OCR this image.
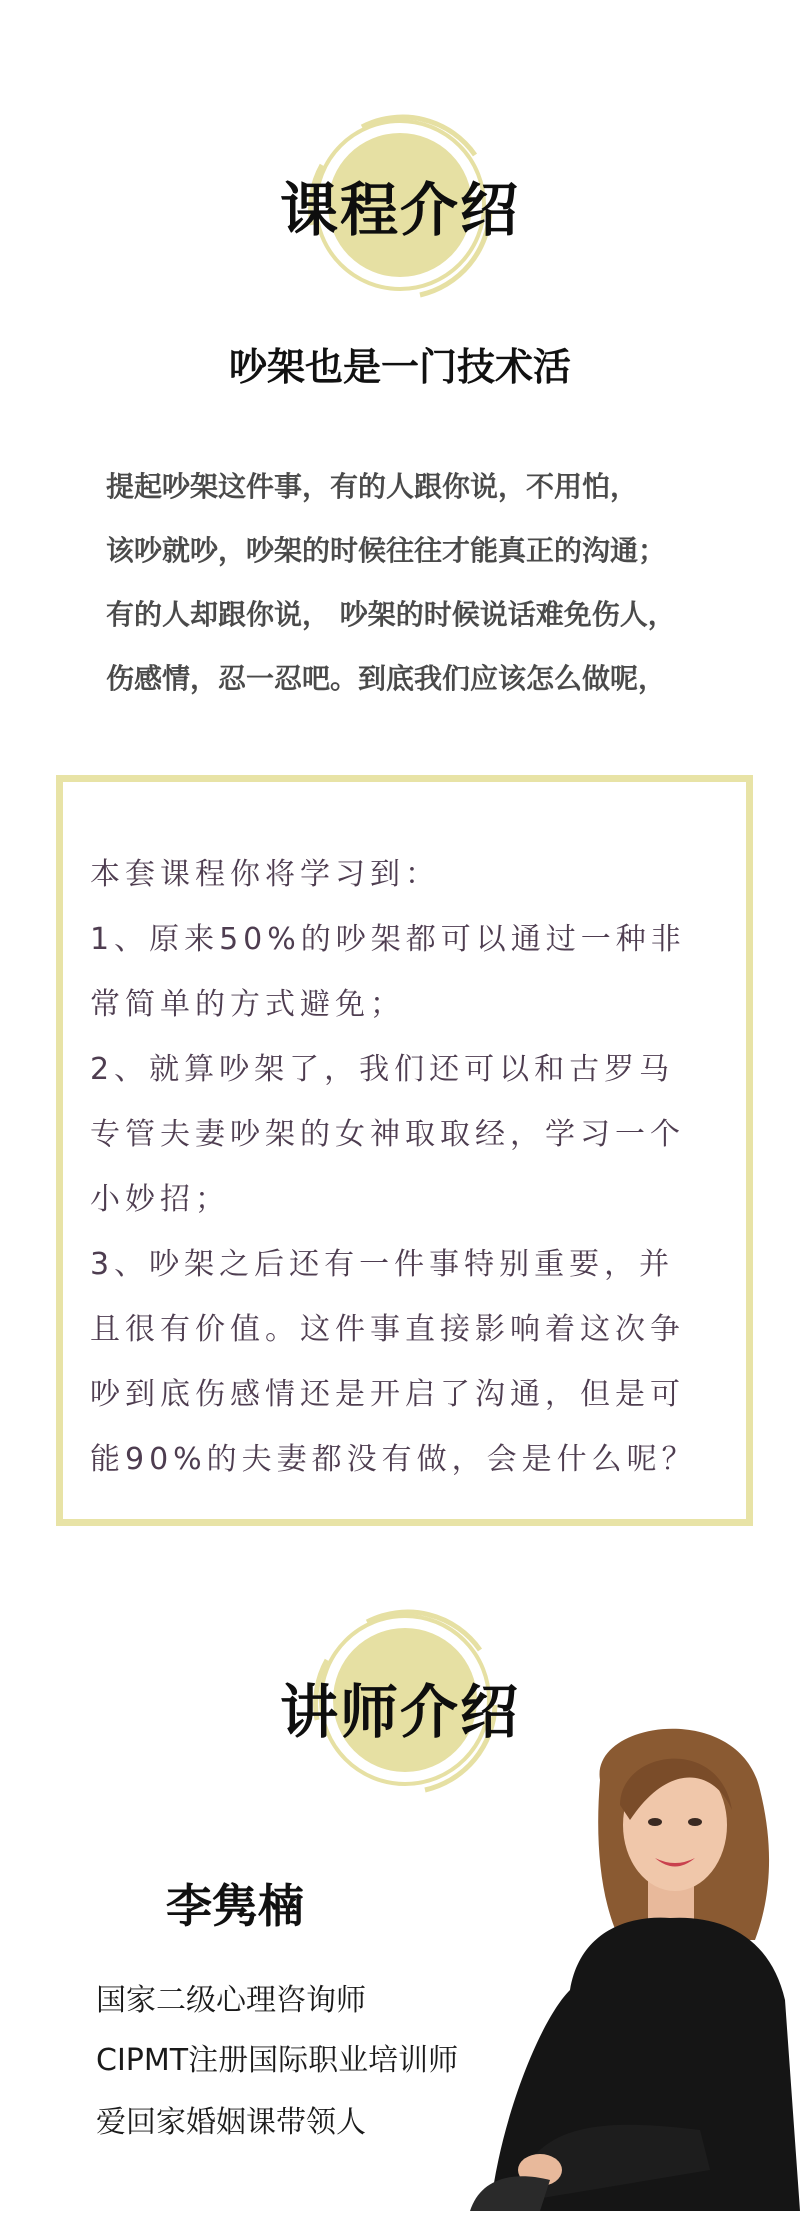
课程介绍
吵架也是一门技术活
提起吵架这件事，有的人跟你说，不用怕，
该吵就吵，吵架的时候往往才能真正的沟通；
有的人却跟你说， 吵架的时候说话难免伤人，
伤感情，忍一忍吧。到底我们应该怎么做呢，
本套课程你将学习到：
1、原来50%的吵架都可以通过一种非
常简单的方式避免；
2、就算吵架了，我们还可以和古罗马
专管夫妻吵架的女神取取经，学习一个
小妙招；
3、吵架之后还有一件事特别重要，并
且很有价值。这件事直接影响着这次争
吵到底伤感情还是开启了沟通，但是可
能90%的夫妻都没有做，会是什么呢？
讲师介绍
李隽楠
国家二级心理咨询师
CIPMT注册国际职业培训师
爱回家婚姻课带领人
